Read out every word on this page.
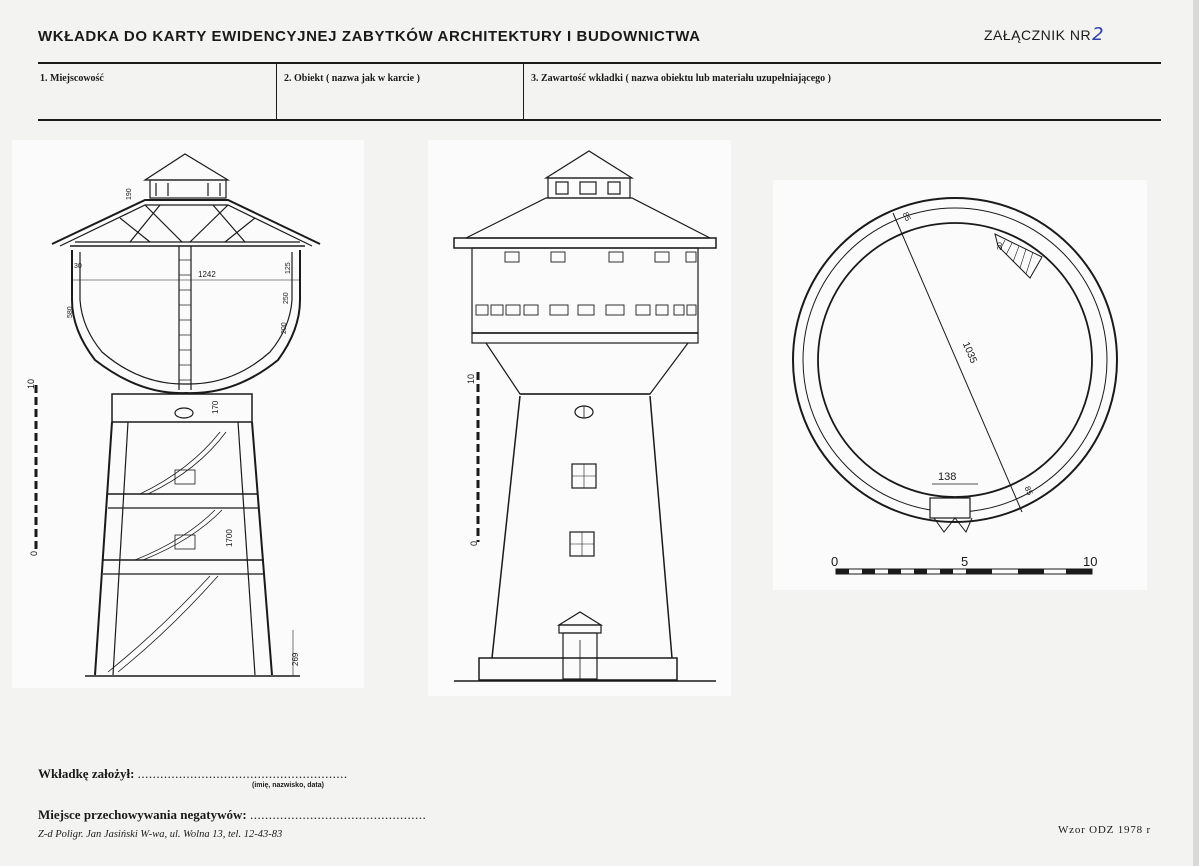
WKŁADKA DO KARTY EWIDENCYJNEJ ZABYTKÓW ARCHITEKTURY I BUDOWNICTWA	ZAŁĄCZNIK NR2
1. Miejscowość	2. Obiekt ( nazwa jak w karcie )	3. Zawartość wkładki ( nazwa obiektu lub materiału uzupełniającego )
1242
580
190
30	125
250
200
170
1700
269
10
0
10
0
1035
85
85
138
30
0	5	10
Wkładkę założył: ........................................................
(imię, nazwisko, data)
Miejsce przechowywania negatywów: ...............................................
Z-d Poligr. Jan Jasiński W-wa, ul. Wolna 13, tel. 12-43-83	Wzor ODZ 1978 r
